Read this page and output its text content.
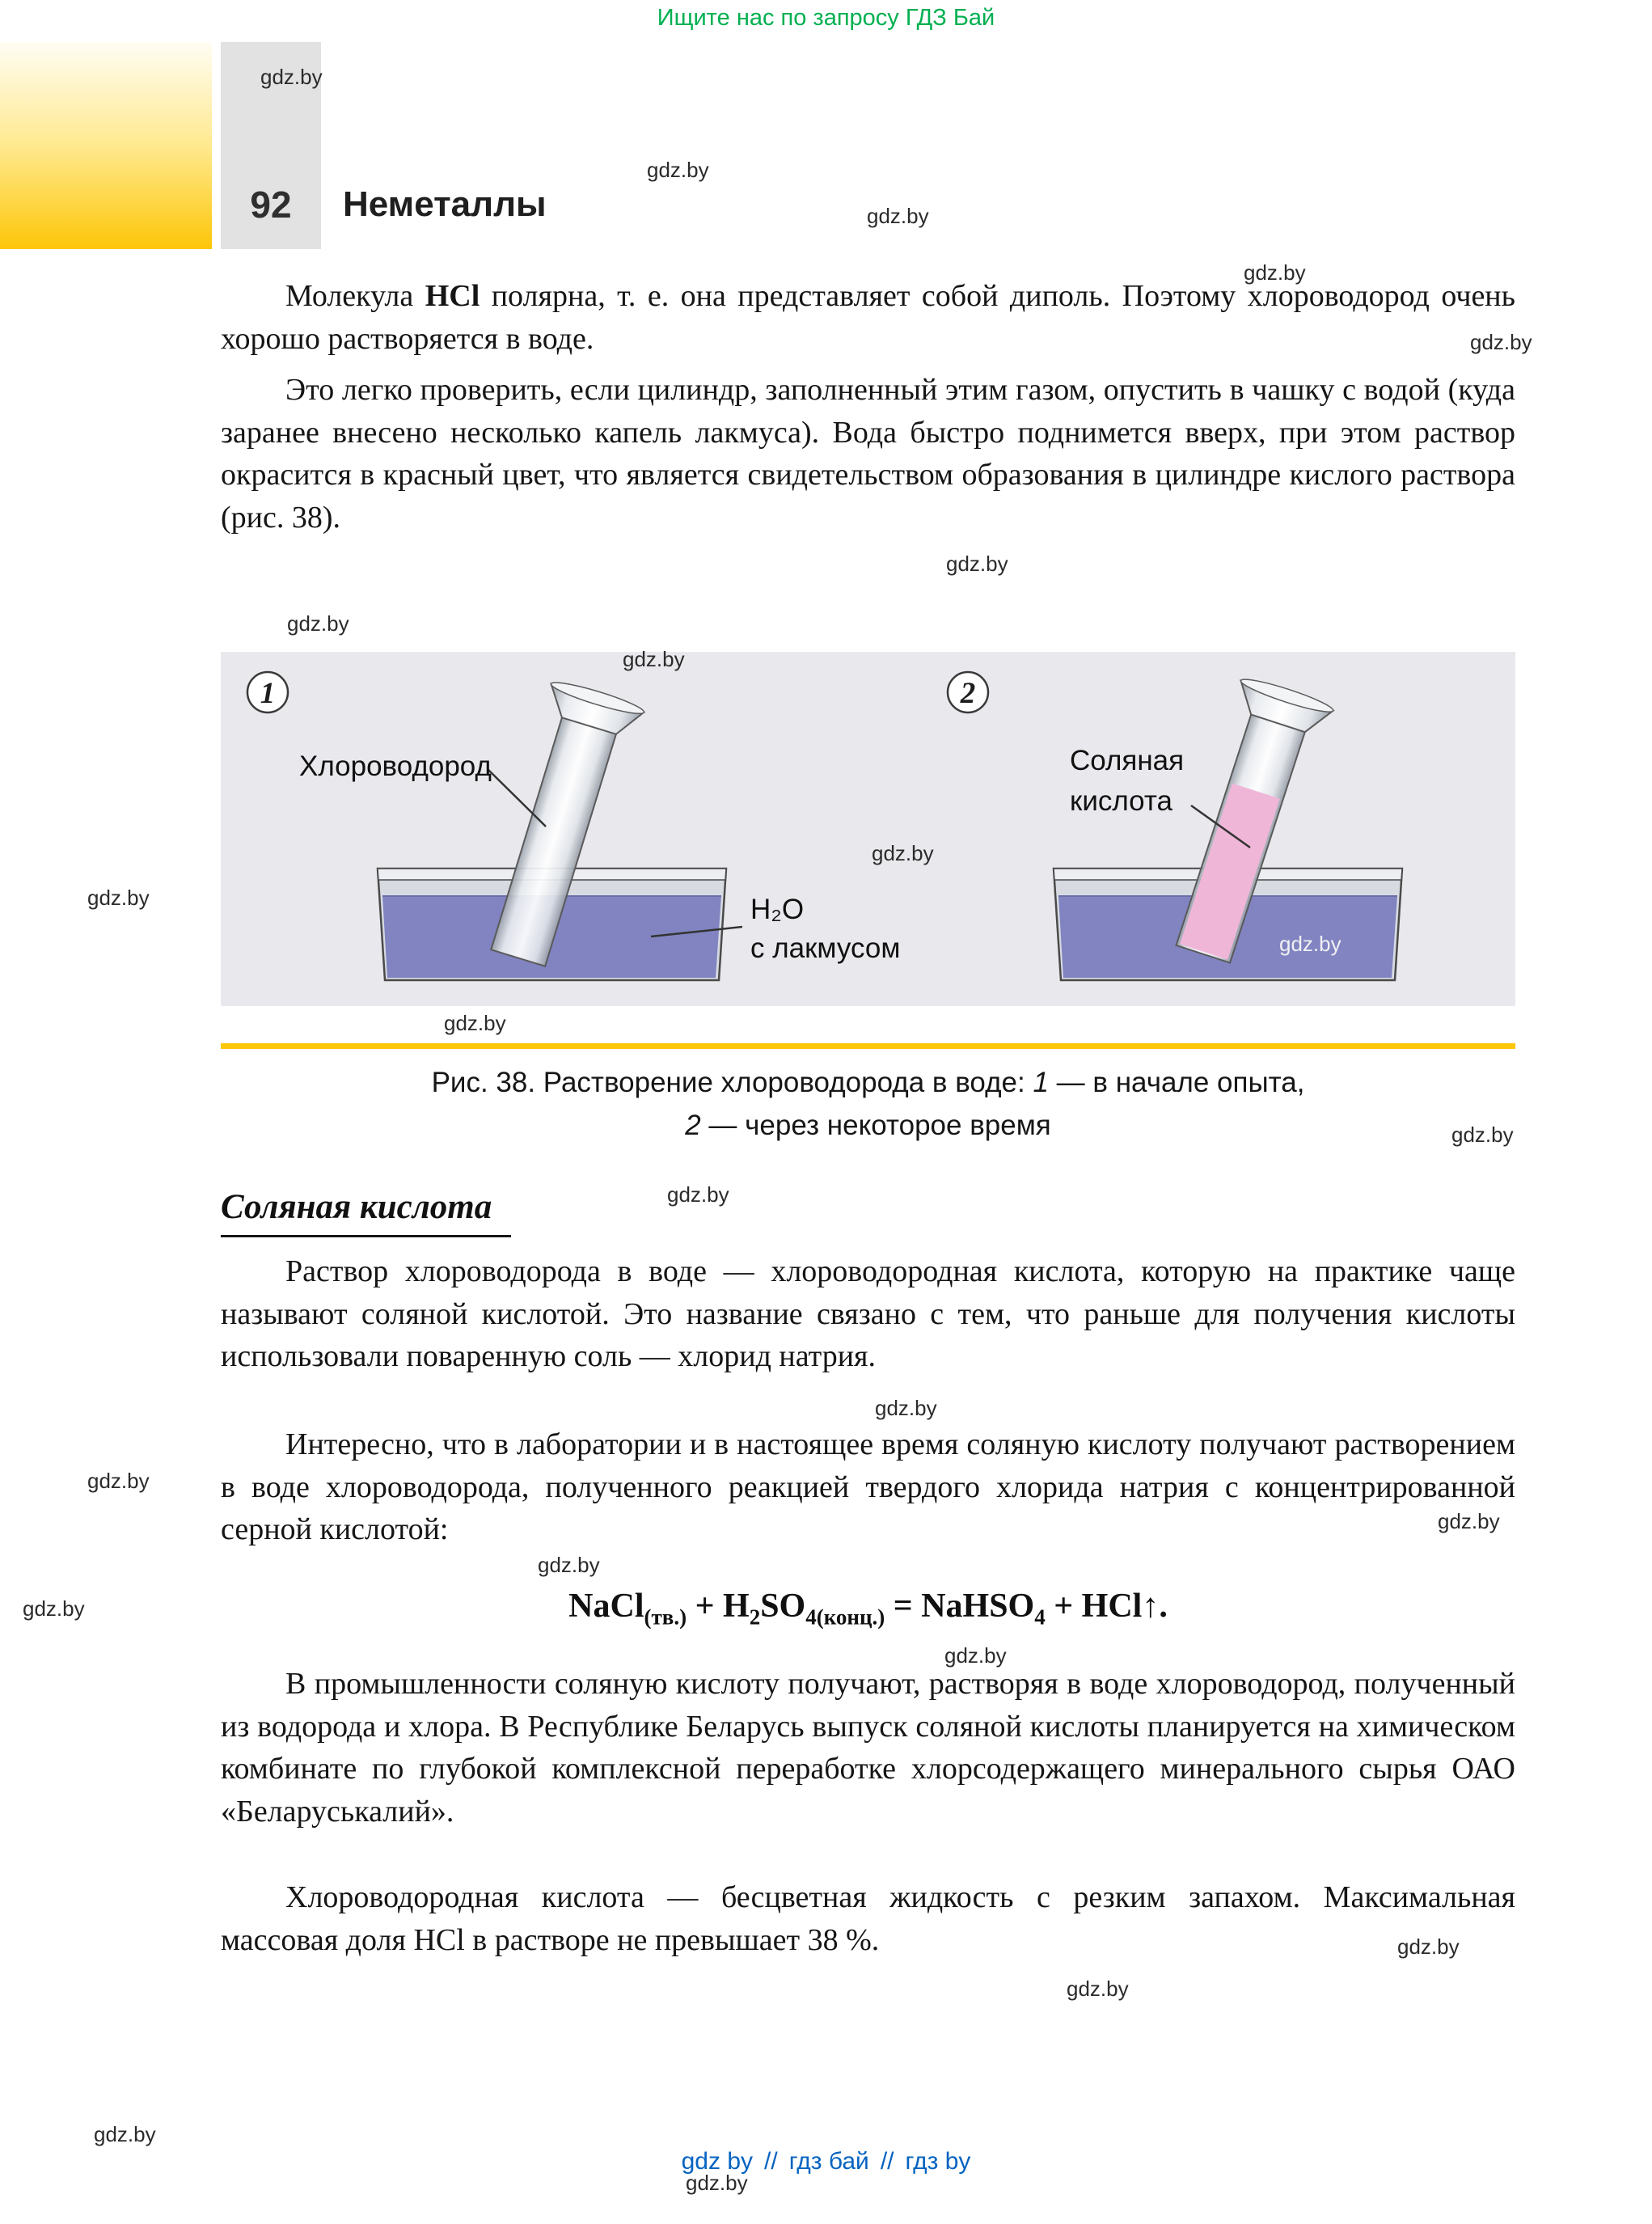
Ищите нас по запросу ГДЗ Бай
92 Неметаллы

Молекула HCl полярна, т. е. она представляет собой диполь. Поэтому хлороводород очень хорошо растворяется в воде.

Это легко проверить, если цилиндр, заполненный этим газом, опустить в чашку с водой (куда заранее внесено несколько капель лакмуса). Вода быстро поднимется вверх, при этом раствор окрасится в красный цвет, что является свидетельством образования в цилиндре кислого раствора (рис. 38).

1	2
Хлороводород	Соляная
кислота
H₂O
с лакмусом
Рис. 38. Растворение хлороводорода в воде: 1 — в начале опыта,
2 — через некоторое время
Соляная кислота

Раствор хлороводорода в воде — хлороводородная кислота, которую на практике чаще называют соляной кислотой. Это название связано с тем, что раньше для получения кислоты использовали поваренную соль — хлорид натрия.

Интересно, что в лаборатории и в настоящее время соляную кислоту получают растворением в воде хлороводорода, полученного реакцией твердого хлорида натрия с концентрированной серной кислотой:

NaCl$_{(тв.)}$ + $H_2SO_{4(конц.)}$ = NaHSO$_4$ + HCl↑.

В промышленности соляную кислоту получают, растворяя в воде хлороводород, полученный из водорода и хлора. В Республике Беларусь выпуск соляной кислоты планируется на химическом комбинате по глубокой комплексной переработке хлорсодержащего минерального сырья ОАО «Беларуськалий».

Хлороводородная кислота — бесцветная жидкость с резким запахом. Максимальная массовая доля HCl в растворе не превышает 38 %.

gdz by // гдз бай // гдз by
gdz.by
gdz.by
gdz.by
gdz.by
gdz.by
gdz.by
gdz.by
gdz.by
gdz.by
gdz.by
gdz.by
gdz.by
gdz.by
gdz.by
gdz.by
gdz.by
gdz.by
gdz.by
gdz.by
gdz.by
gdz.by
gdz.by
gdz.by
gdz.by
